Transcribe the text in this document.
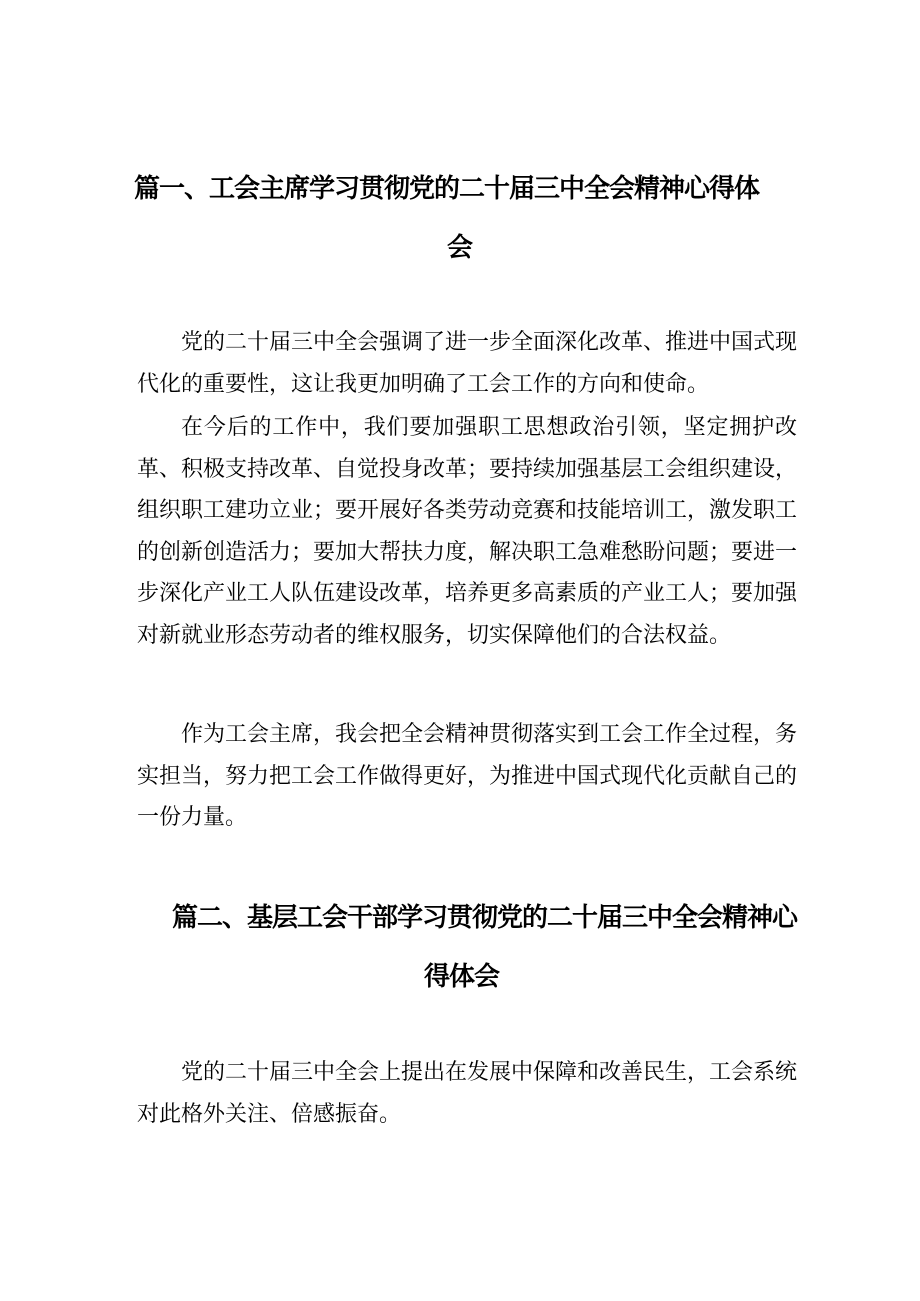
篇一、工会主席学习贯彻党的二十届三中全会精神心得体
会

党的二十届三中全会强调了进一步全面深化改革、推进中国式现代化的重要性，这让我更加明确了工会工作的方向和使命。

在今后的工作中，我们要加强职工思想政治引领，坚定拥护改革、积极支持改革、自觉投身改革；要持续加强基层工会组织建设，组织职工建功立业；要开展好各类劳动竞赛和技能培训工，激发职工的创新创造活力；要加大帮扶力度，解决职工急难愁盼问题；要进一步深化产业工人队伍建设改革，培养更多高素质的产业工人；要加强对新就业形态劳动者的维权服务，切实保障他们的合法权益。

作为工会主席，我会把全会精神贯彻落实到工会工作全过程，务实担当，努力把工会工作做得更好，为推进中国式现代化贡献自己的一份力量。

篇二、基层工会干部学习贯彻党的二十届三中全会精神心
得体会

党的二十届三中全会上提出在发展中保障和改善民生，工会系统对此格外关注、倍感振奋。
